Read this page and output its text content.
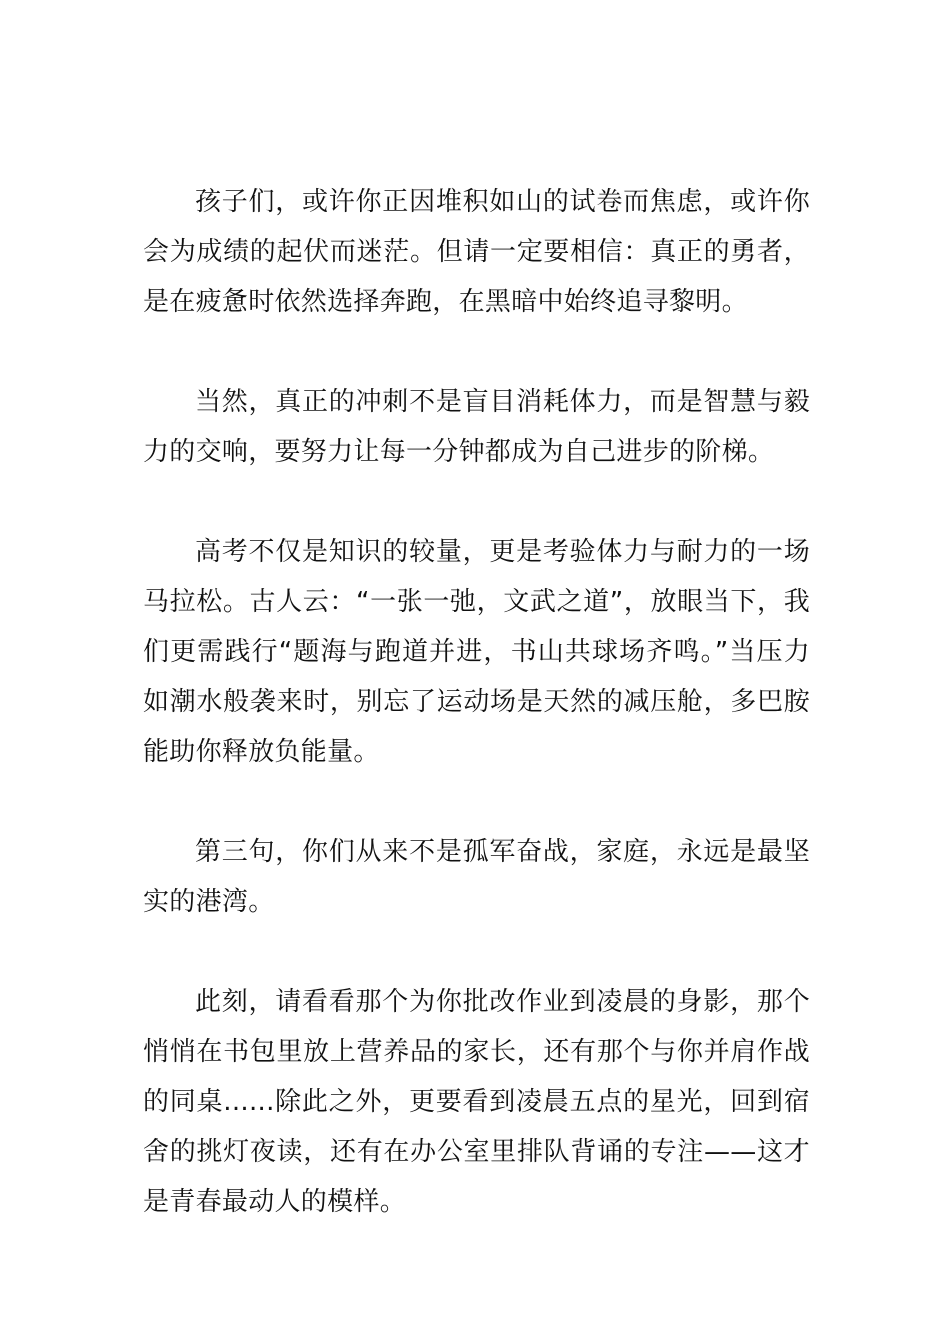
孩子们，或许你正因堆积如山的试卷而焦虑，或许你会为成绩的起伏而迷茫。但请一定要相信：真正的勇者，是在疲惫时依然选择奔跑，在黑暗中始终追寻黎明。

当然，真正的冲刺不是盲目消耗体力，而是智慧与毅力的交响，要努力让每一分钟都成为自己进步的阶梯。

高考不仅是知识的较量，更是考验体力与耐力的一场马拉松。古人云：“一张一弛，文武之道”，放眼当下，我们更需践行“题海与跑道并进，书山共球场齐鸣。”当压力如潮水般袭来时，别忘了运动场是天然的减压舱，多巴胺能助你释放负能量。

第三句，你们从来不是孤军奋战，家庭，永远是最坚实的港湾。

此刻，请看看那个为你批改作业到凌晨的身影，那个悄悄在书包里放上营养品的家长，还有那个与你并肩作战的同桌......除此之外，更要看到凌晨五点的星光，回到宿舍的挑灯夜读，还有在办公室里排队背诵的专注——这才是青春最动人的模样。
